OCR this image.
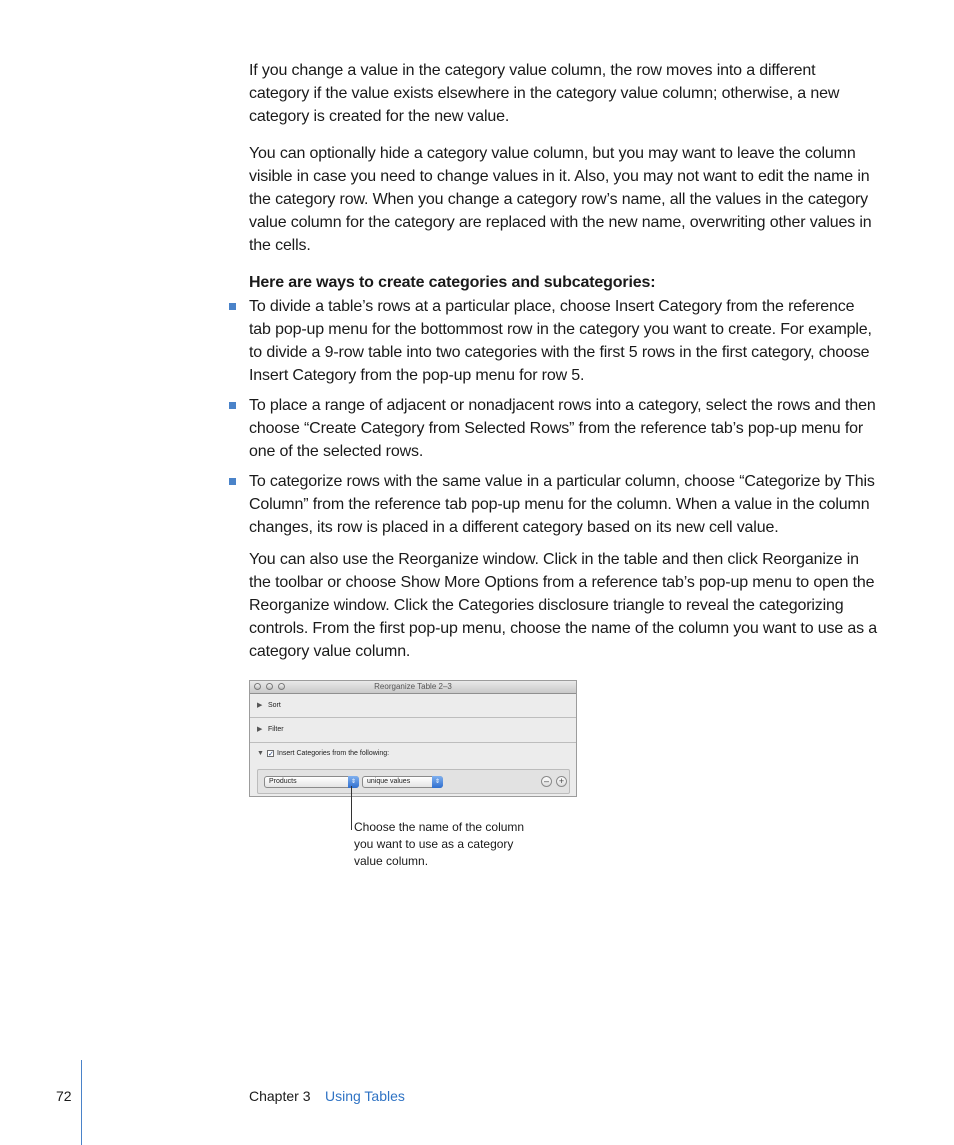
If you change a value in the category value column, the row moves into a different category if the value exists elsewhere in the category value column; otherwise, a new category is created for the new value.

You can optionally hide a category value column, but you may want to leave the column visible in case you need to change values in it. Also, you may not want to edit the name in the category row. When you change a category row’s name, all the values in the category value column for the category are replaced with the new name, overwriting other values in the cells.

Here are ways to create categories and subcategories:

To divide a table’s rows at a particular place, choose Insert Category from the reference tab pop-up menu for the bottommost row in the category you want to create. For example, to divide a 9-row table into two categories with the first 5 rows in the first category, choose Insert Category from the pop-up menu for row 5.
To place a range of adjacent or nonadjacent rows into a category, select the rows and then choose “Create Category from Selected Rows” from the reference tab’s pop-up menu for one of the selected rows.
To categorize rows with the same value in a particular column, choose “Categorize by This Column” from the reference tab pop-up menu for the column. When a value in the column changes, its row is placed in a different category based on its new cell value.

You can also use the Reorganize window. Click in the table and then click Reorganize in the toolbar or choose Show More Options from a reference tab’s pop-up menu to open the Reorganize window. Click the Categories disclosure triangle to reveal the categorizing controls. From the first pop-up menu, choose the name of the column you want to use as a category value column.

Reorganize Table 2–3
▶ Sort
▶ Filter
▼ ✓ Insert Categories from the following:
Products	⇕	unique values	⇕	–	+
Choose the name of the column you want to use as a category value column.
72	Chapter 3 Using Tables
